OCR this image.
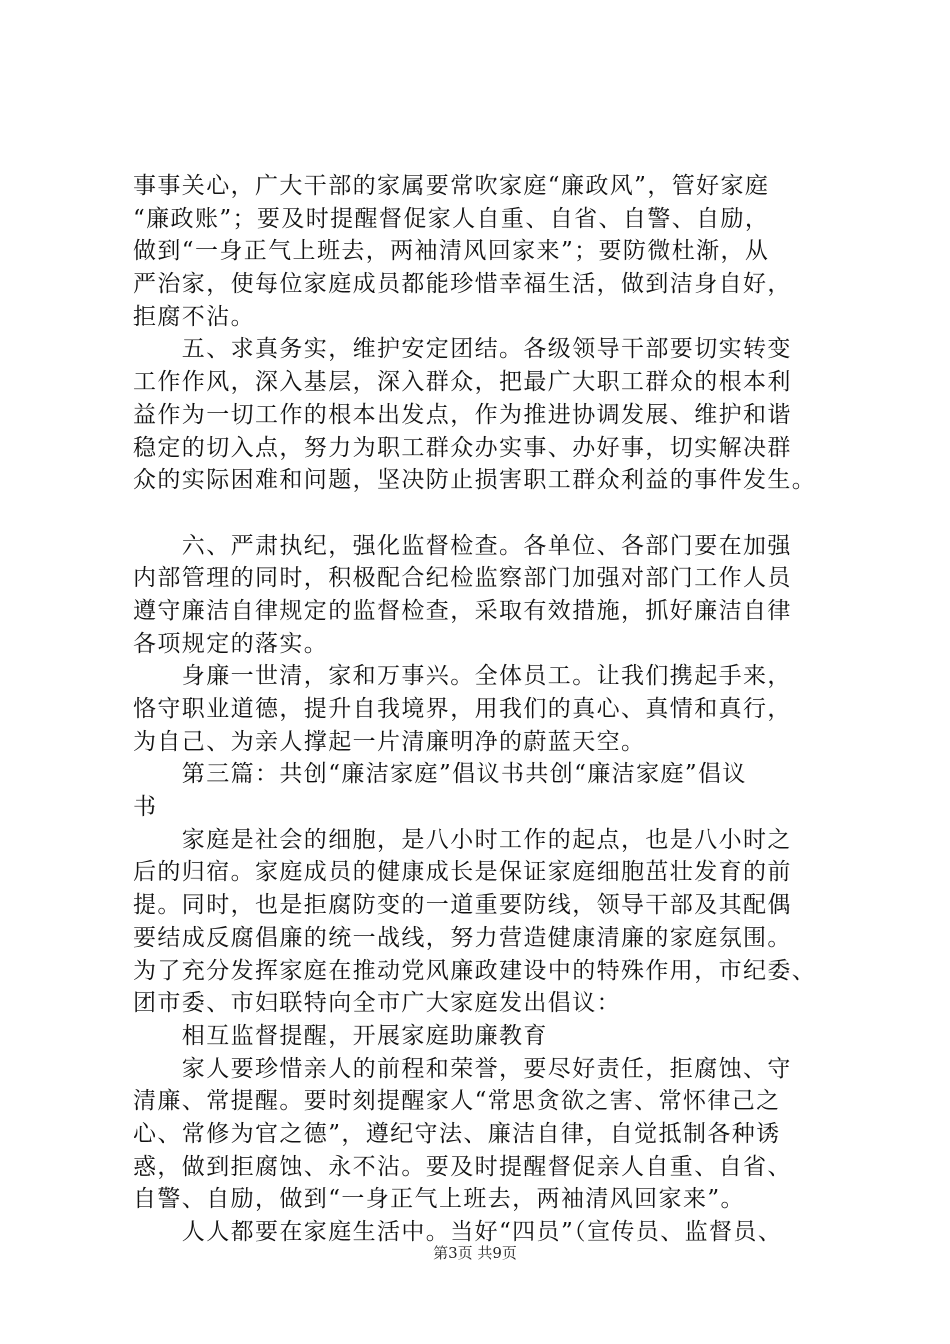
事事关心，广大干部的家属要常吹家庭“廉政风”，管好家庭
“廉政账”；要及时提醒督促家人自重、自省、自警、自励，
做到“一身正气上班去，两袖清风回家来”；要防微杜渐，从
严治家，使每位家庭成员都能珍惜幸福生活，做到洁身自好，
拒腐不沾。
　　五、求真务实，维护安定团结。各级领导干部要切实转变
工作作风，深入基层，深入群众，把最广大职工群众的根本利
益作为一切工作的根本出发点，作为推进协调发展、维护和谐
稳定的切入点，努力为职工群众办实事、办好事，切实解决群
众的实际困难和问题，坚决防止损害职工群众利益的事件发生。
　　六、严肃执纪，强化监督检查。各单位、各部门要在加强
内部管理的同时，积极配合纪检监察部门加强对部门工作人员
遵守廉洁自律规定的监督检查，采取有效措施，抓好廉洁自律
各项规定的落实。
　　身廉一世清，家和万事兴。全体员工。让我们携起手来，
恪守职业道德，提升自我境界，用我们的真心、真情和真行，
为自己、为亲人撑起一片清廉明净的蔚蓝天空。
　　第三篇：共创“廉洁家庭”倡议书共创“廉洁家庭”倡议
书
　　家庭是社会的细胞，是八小时工作的起点，也是八小时之
后的归宿。家庭成员的健康成长是保证家庭细胞茁壮发育的前
提。同时，也是拒腐防变的一道重要防线，领导干部及其配偶
要结成反腐倡廉的统一战线，努力营造健康清廉的家庭氛围。
为了充分发挥家庭在推动党风廉政建设中的特殊作用，市纪委、
团市委、市妇联特向全市广大家庭发出倡议：
　　相互监督提醒，开展家庭助廉教育
　　家人要珍惜亲人的前程和荣誉，要尽好责任，拒腐蚀、守
清廉、常提醒。要时刻提醒家人“常思贪欲之害、常怀律己之
心、常修为官之德”，遵纪守法、廉洁自律，自觉抵制各种诱
惑，做到拒腐蚀、永不沾。要及时提醒督促亲人自重、自省、
自警、自励，做到“一身正气上班去，两袖清风回家来”。
　　人人都要在家庭生活中。当好“四员”（宣传员、监督员、
第3页 共9页
